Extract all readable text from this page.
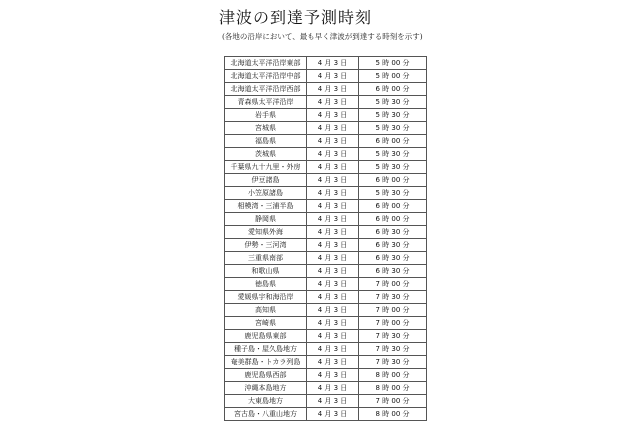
津波の到達予測時刻
(各地の沿岸において、最も早く津波が到達する時刻を示す)
北海道太平洋沿岸東部	4 月 3 日	5 時 00 分
北海道太平洋沿岸中部	4 月 3 日	5 時 00 分
北海道太平洋沿岸西部	4 月 3 日	6 時 00 分
青森県太平洋沿岸	4 月 3 日	5 時 30 分
岩手県	4 月 3 日	5 時 30 分
宮城県	4 月 3 日	5 時 30 分
福島県	4 月 3 日	6 時 00 分
茨城県	4 月 3 日	5 時 30 分
千葉県九十九里・外房	4 月 3 日	5 時 30 分
伊豆諸島	4 月 3 日	6 時 00 分
小笠原諸島	4 月 3 日	5 時 30 分
相模湾・三浦半島	4 月 3 日	6 時 00 分
静岡県	4 月 3 日	6 時 00 分
愛知県外海	4 月 3 日	6 時 30 分
伊勢・三河湾	4 月 3 日	6 時 30 分
三重県南部	4 月 3 日	6 時 30 分
和歌山県	4 月 3 日	6 時 30 分
徳島県	4 月 3 日	7 時 00 分
愛媛県宇和海沿岸	4 月 3 日	7 時 30 分
高知県	4 月 3 日	7 時 00 分
宮崎県	4 月 3 日	7 時 00 分
鹿児島県東部	4 月 3 日	7 時 30 分
種子島・屋久島地方	4 月 3 日	7 時 30 分
奄美群島・トカラ列島	4 月 3 日	7 時 30 分
鹿児島県西部	4 月 3 日	8 時 00 分
沖縄本島地方	4 月 3 日	8 時 00 分
大東島地方	4 月 3 日	7 時 00 分
宮古島・八重山地方	4 月 3 日	8 時 00 分
